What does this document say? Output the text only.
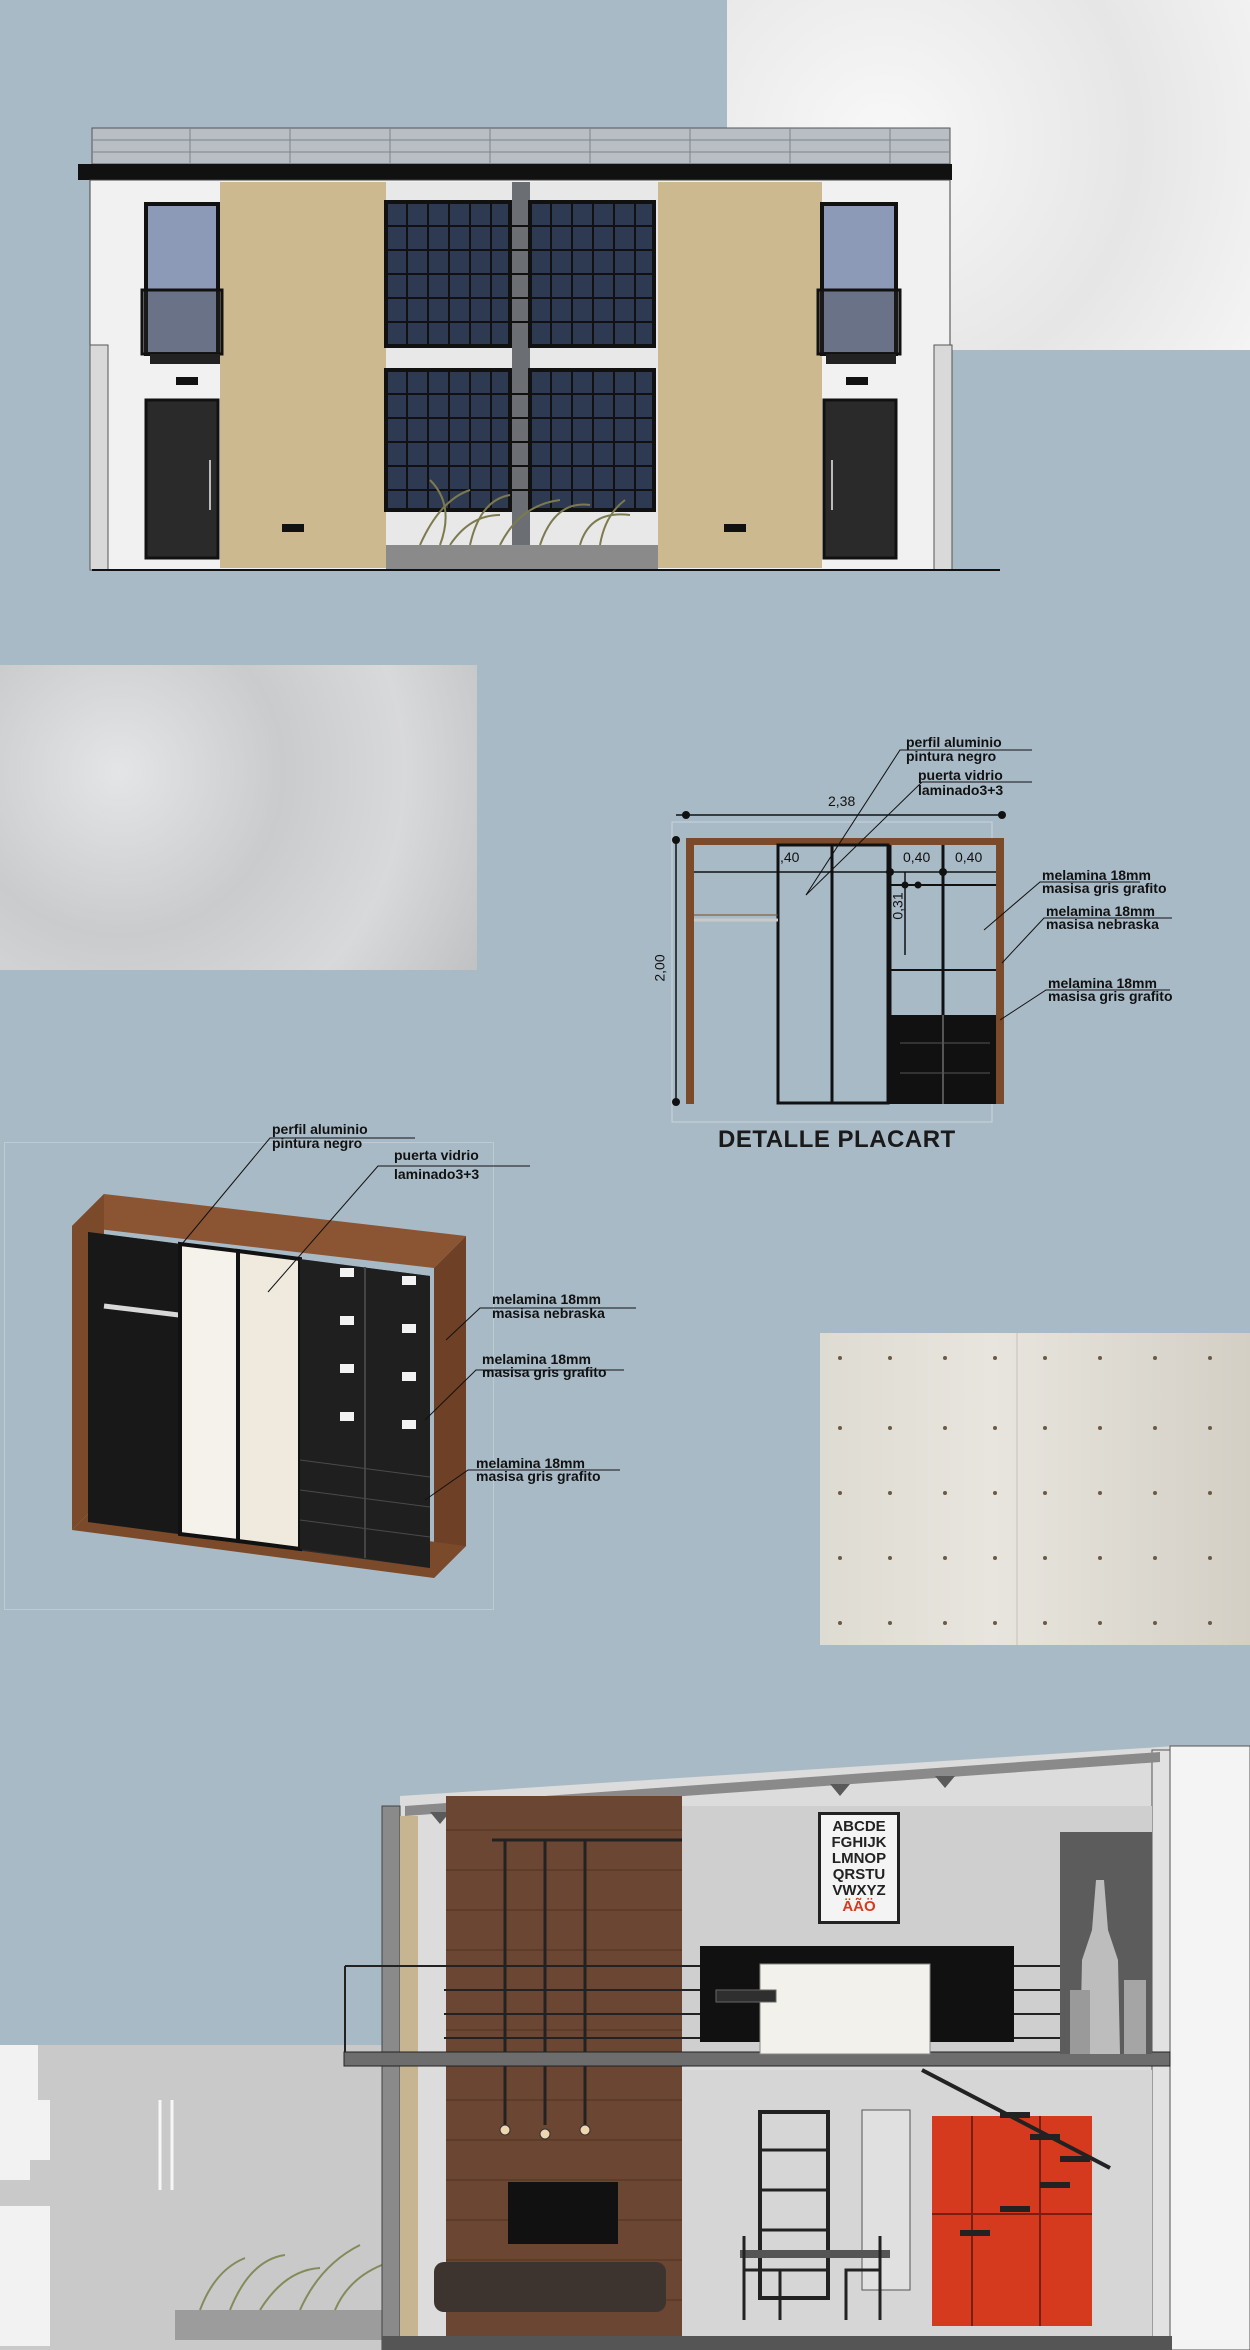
2,38
2,00
,40	0,40 0,40
0,31
perfil aluminio
pintura negro
puerta vidrio
laminado3+3
melamina 18mm
masisa gris grafito
melamina 18mm
masisa nebraska
melamina 18mm
masisa gris grafito
DETALLE PLACART
perfil aluminio
pintura negro
puerta vidrio
laminado3+3
melamina 18mm
masisa nebraska
melamina 18mm
masisa gris grafito
melamina 18mm
masisa gris grafito
ABCDE
FGHIJK
LMNOP
QRSTU
VWXYZ
ÄÃÖ
